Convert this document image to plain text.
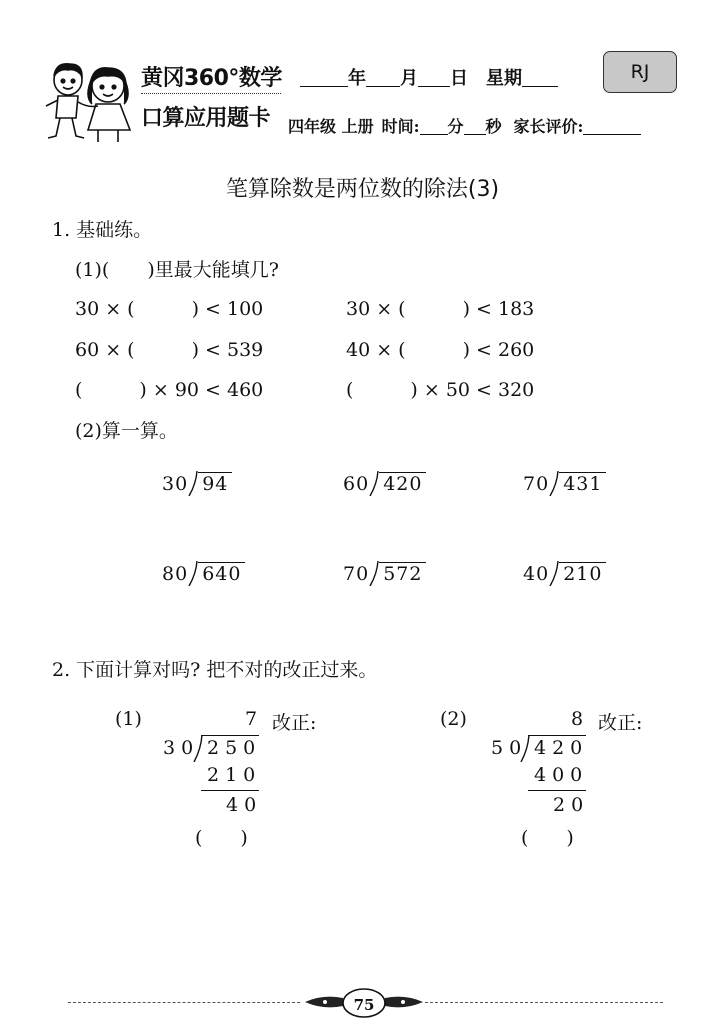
黄冈360°数学
口算应用题卡
年 月 日 星期	RJ
四年级 上册 时间: 分 秒 家长评价:
笔算除数是两位数的除法(3)
1. 基础练。
(1)(　　)里最大能填几?
30 × (　　　) < 100	30 × (　　　) < 183
60 × (　　　) < 539	40 × (　　　) < 260
(　　　) × 90 < 460	(　　　) × 50 < 320
(2)算一算。
30 94	60 420	70 431
80 640	70 572	40 210
2. 下面计算对吗? 把不对的改正过来。
(1)	7 改正:
30 250
210
40
(　　)
(2)	8 改正:
50 420
400
20
(　　)
75
